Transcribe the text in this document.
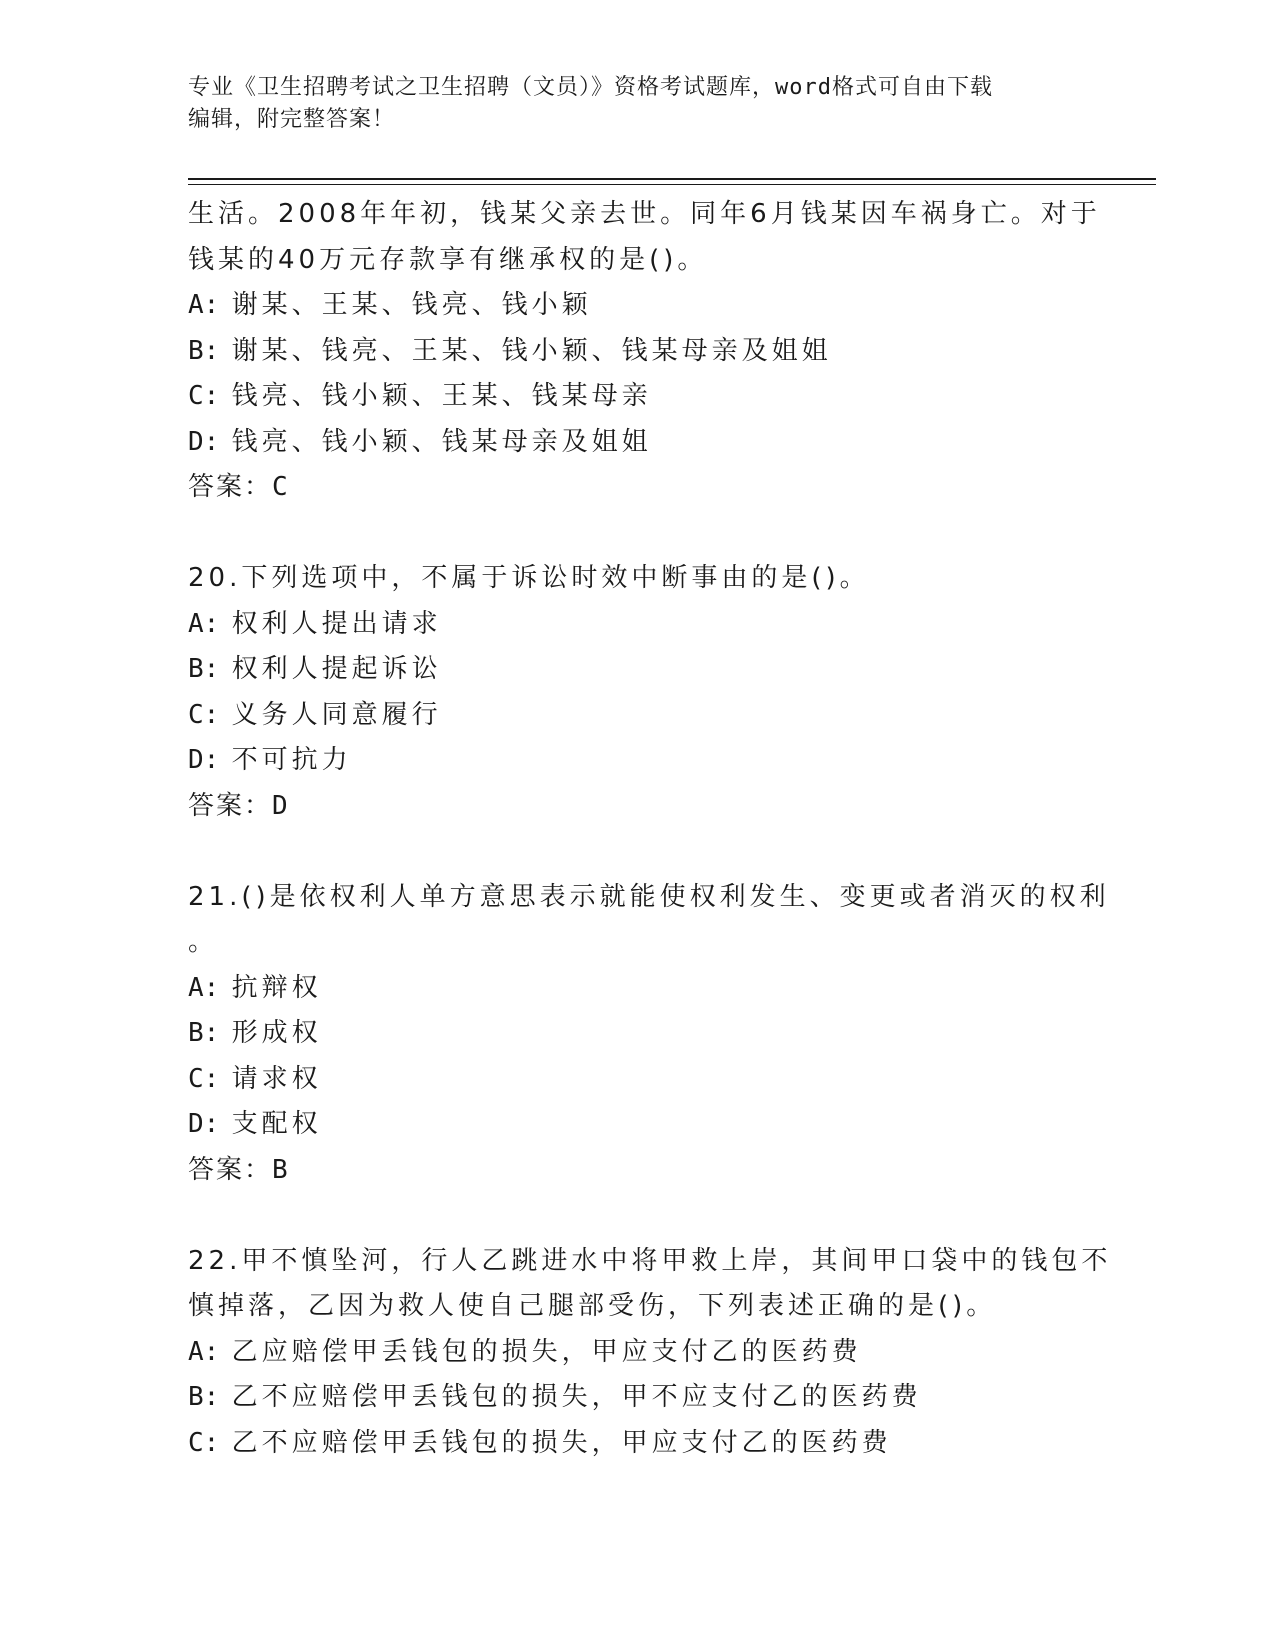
专业《卫生招聘考试之卫生招聘（文员）》资格考试题库，word格式可自由下载
编辑，附完整答案！
生活。2008年年初，钱某父亲去世。同年6月钱某因车祸身亡。对于
钱某的40万元存款享有继承权的是()。
A: 谢某、王某、钱亮、钱小颖
B: 谢某、钱亮、王某、钱小颖、钱某母亲及姐姐
C: 钱亮、钱小颖、王某、钱某母亲
D: 钱亮、钱小颖、钱某母亲及姐姐
答案：C
20.下列选项中，不属于诉讼时效中断事由的是()。
A: 权利人提出请求
B: 权利人提起诉讼
C: 义务人同意履行
D: 不可抗力
答案：D
21.()是依权利人单方意思表示就能使权利发生、变更或者消灭的权利
。
A: 抗辩权
B: 形成权
C: 请求权
D: 支配权
答案：B
22.甲不慎坠河，行人乙跳进水中将甲救上岸，其间甲口袋中的钱包不
慎掉落，乙因为救人使自己腿部受伤，下列表述正确的是()。
A: 乙应赔偿甲丢钱包的损失，甲应支付乙的医药费
B: 乙不应赔偿甲丢钱包的损失，甲不应支付乙的医药费
C: 乙不应赔偿甲丢钱包的损失，甲应支付乙的医药费
